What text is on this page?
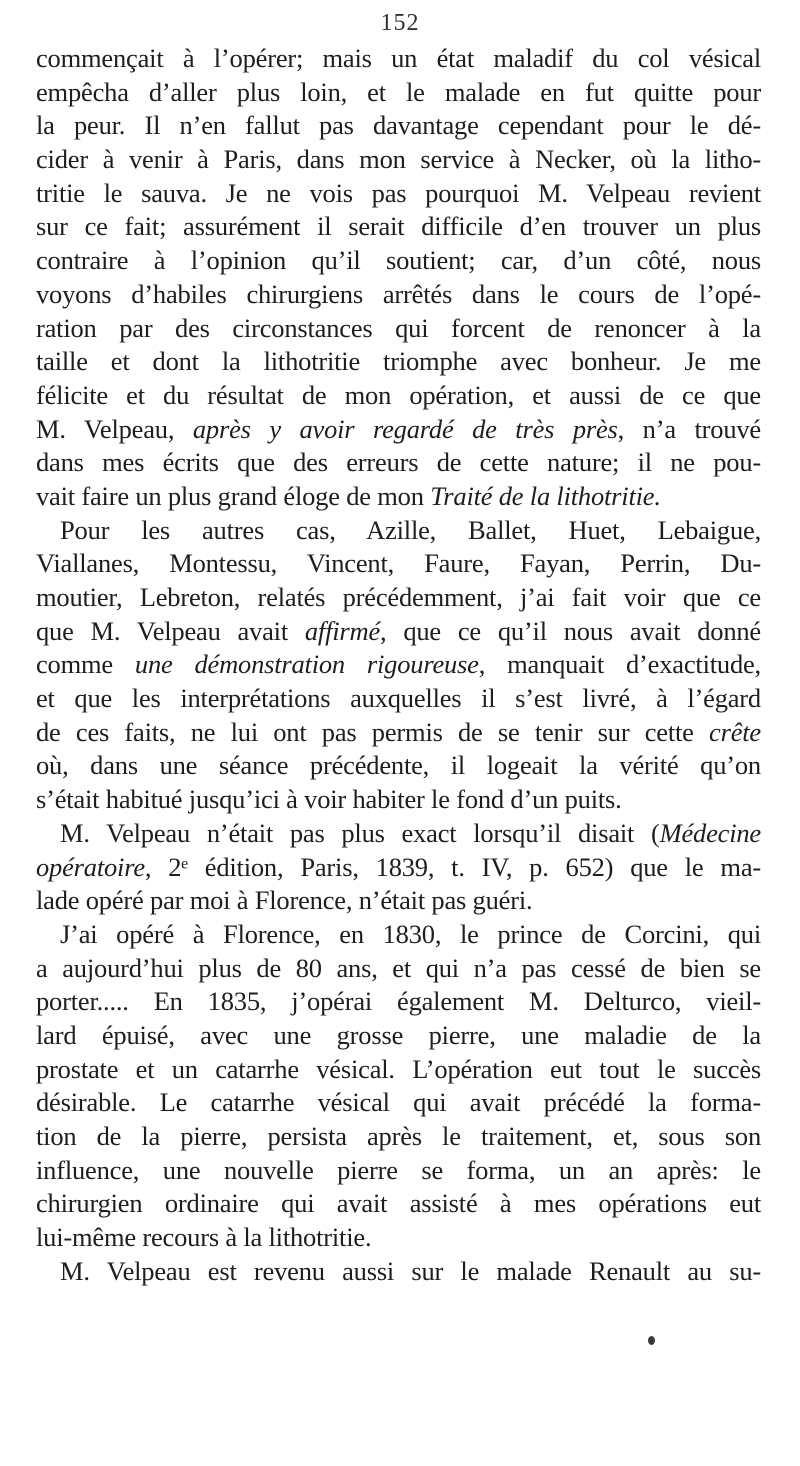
152
commençait à l’opérer; mais un état maladif du col vésical
empêcha d’aller plus loin, et le malade en fut quitte pour
la peur. Il n’en fallut pas davantage cependant pour le dé-
cider à venir à Paris, dans mon service à Necker, où la litho-
tritie le sauva. Je ne vois pas pourquoi M. Velpeau revient
sur ce fait; assurément il serait difficile d’en trouver un plus
contraire à l’opinion qu’il soutient; car, d’un côté, nous
voyons d’habiles chirurgiens arrêtés dans le cours de l’opé-
ration par des circonstances qui forcent de renoncer à la
taille et dont la lithotritie triomphe avec bonheur. Je me
félicite et du résultat de mon opération, et aussi de ce que
M. Velpeau, après y avoir regardé de très près, n’a trouvé
dans mes écrits que des erreurs de cette nature; il ne pou-
vait faire un plus grand éloge de mon Traité de la lithotritie.
Pour les autres cas, Azille, Ballet, Huet, Lebaigue,
Viallanes, Montessu, Vincent, Faure, Fayan, Perrin, Du-
moutier, Lebreton, relatés précédemment, j’ai fait voir que ce
que M. Velpeau avait affirmé, que ce qu’il nous avait donné
comme une démonstration rigoureuse, manquait d’exactitude,
et que les interprétations auxquelles il s’est livré, à l’égard
de ces faits, ne lui ont pas permis de se tenir sur cette crête
où, dans une séance précédente, il logeait la vérité qu’on
s’était habitué jusqu’ici à voir habiter le fond d’un puits.
M. Velpeau n’était pas plus exact lorsqu’il disait (Médecine
opératoire, 2ᵉ édition, Paris, 1839, t. IV, p. 652) que le ma-
lade opéré par moi à Florence, n’était pas guéri.
J’ai opéré à Florence, en 1830, le prince de Corcini, qui
a aujourd’hui plus de 80 ans, et qui n’a pas cessé de bien se
porter..... En 1835, j’opérai également M. Delturco, vieil-
lard épuisé, avec une grosse pierre, une maladie de la
prostate et un catarrhe vésical. L’opération eut tout le succès
désirable. Le catarrhe vésical qui avait précédé la forma-
tion de la pierre, persista après le traitement, et, sous son
influence, une nouvelle pierre se forma, un an après: le
chirurgien ordinaire qui avait assisté à mes opérations eut
lui-même recours à la lithotritie.
M. Velpeau est revenu aussi sur le malade Renault au su-
